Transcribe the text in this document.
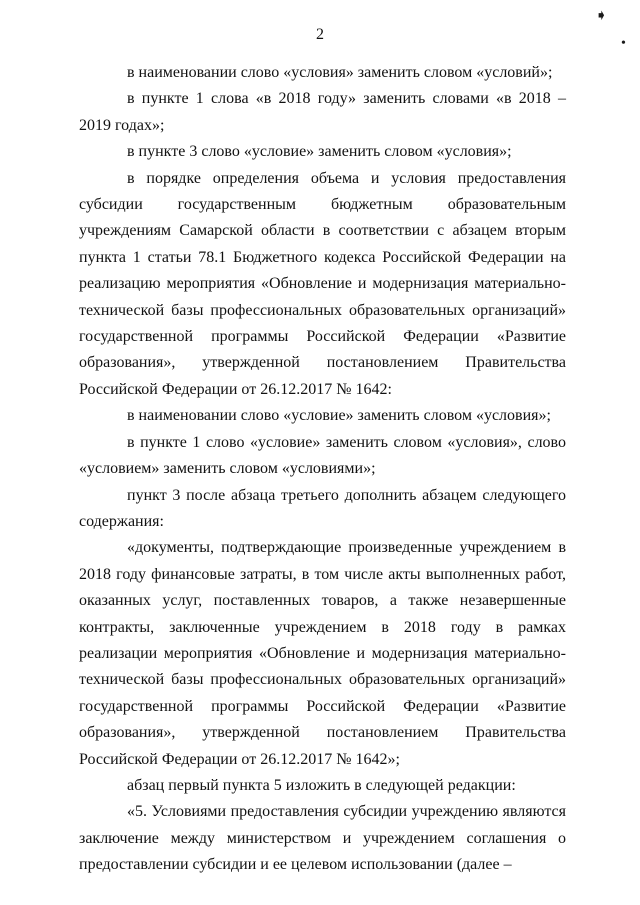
➧
•
2
в наименовании слово «условия» заменить словом «условий»;
в пункте 1 слова «в 2018 году» заменить словами «в 2018 – 2019 годах»;
в пункте 3 слово «условие» заменить словом «условия»;
в порядке определения объема и условия предоставления субсидии государственным бюджетным образовательным учреждениям Самарской области в соответствии с абзацем вторым пункта 1 статьи 78.1 Бюджетного кодекса Российской Федерации на реализацию мероприятия «Обновление и модернизация материально-технической базы профессиональных образовательных организаций» государственной программы Российской Федерации «Развитие образования», утвержденной постановлением Правительства Российской Федерации от 26.12.2017 № 1642:
в наименовании слово «условие» заменить словом «условия»;
в пункте 1 слово «условие» заменить словом «условия», слово «условием» заменить словом «условиями»;
пункт 3 после абзаца третьего дополнить абзацем следующего содержания:
«документы, подтверждающие произведенные учреждением в 2018 году финансовые затраты, в том числе акты выполненных работ, оказанных услуг, поставленных товаров, а также незавершенные контракты, заключенные учреждением в 2018 году в рамках реализации мероприятия «Обновление и модернизация материально-технической базы профессиональных образовательных организаций» государственной программы Российской Федерации «Развитие образования», утвержденной постановлением Правительства Российской Федерации от 26.12.2017 № 1642»;
абзац первый пункта 5 изложить в следующей редакции:
«5. Условиями предоставления субсидии учреждению являются заключение между министерством и учреждением соглашения о предоставлении субсидии и ее целевом использовании (далее –
